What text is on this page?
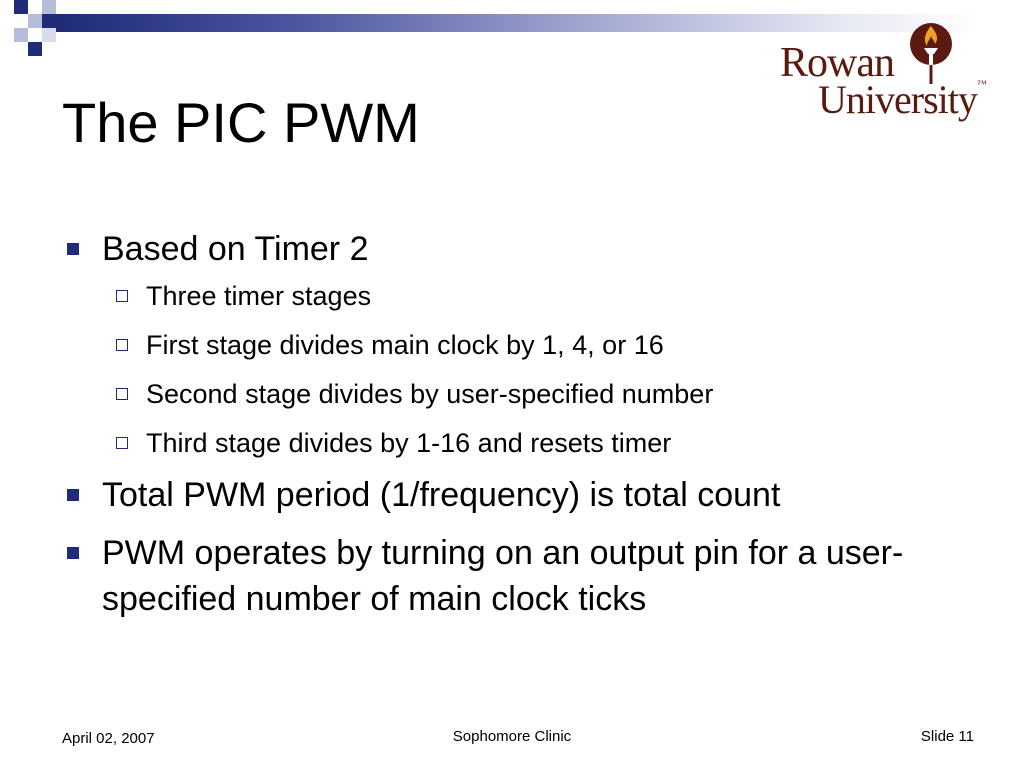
Rowan
University™
The PIC PWM
Based on Timer 2
Three timer stages
First stage divides main clock by 1, 4, or 16
Second stage divides by user-specified number
Third stage divides by 1-16 and resets timer
Total PWM period (1/frequency) is total count
PWM operates by turning on an output pin for a user-specified number of main clock ticks
April 02, 2007	Sophomore Clinic	Slide 11
